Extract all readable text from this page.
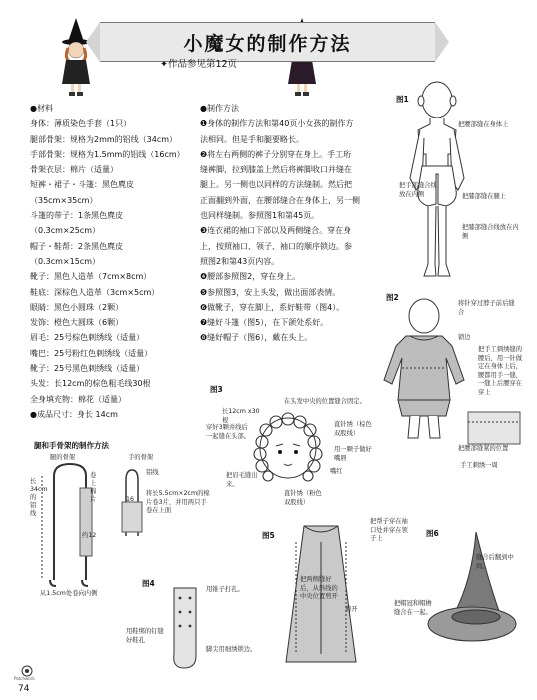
小魔女的制作方法
✦作品参见第12页
●材料
身体：薄质染色手套（1只）
腿部骨架：规格为2mm的铝线（34cm）
手部骨架：规格为1.5mm的铝线（16cm）
骨架衣层：棉片（适量）
短裤・裙子・斗篷：黑色麂皮
（35cm×35cm）
斗篷的带子：1条黑色麂皮
（0.3cm×25cm）
帽子・鞋帮：2条黑色麂皮
（0.3cm×15cm）
靴子：黑色人造革（7cm×8cm）
鞋底：深棕色人造革（3cm×5cm）
眼睛：黑色小圆珠（2颗）
发饰：橙色大圆珠（6颗）
眉毛：25号棕色刺绣线（适量）
嘴巴：25号粉红色刺绣线（适量）
靴子：25号黑色刺绣线（适量）
头发：长12cm的棕色粗毛线30根
全身填充物：棉花（适量）
●成品尺寸：身长 14cm
●制作方法
❶身体的制作方法和第40页小女孩的制作方
法相同。但是手和腿要略长。
❷将左右两侧的裤子分别穿在身上。手工珩
缝裤脚，拉到膝盖上然后将裤脚收口并缝在
腿上。另一侧也以同样的方法缝制。然后把
正面翻到外面，在腰部缝合在身体上，另一侧
也同样缝制。参照图1和第45页。
❸连衣裙的袖口下部以及两侧缝合。穿在身
上，按照袖口、领子、袖口的顺序锁边。参
照图2和第43页内容。
❹腰部参照图2，穿在身上。
❺参照图3，安上头发，做出面部表情。
❻做靴子，穿在脚上，系好鞋带（图4）。
❼缝好斗篷（图5），在下颌处系好。
❽缝好帽子（图6），戴在头上。
图1
把腰部缝在身体上
把手部缝合线放在内侧	把膝部缝在腿上
把膝部缝合线放在内侧
图2
将针穿过脖子前后缝合
锁边
把手工刺绣缝的腰后，用一针做定在身体上后，腰都用手一缝，一缝上后腰穿在穿上
把腰部缝紧的位置
手工刺绣一周
图3
在头发中央的位置缝合固定。
长12cm x30根
穿好3颗并线后一起缝在头部。
直针绣（棕色双股线）
用一颗子做好嘴唇
嘴红
把眉毛缝出来。
直针绣（粉色双股线）
腿和手骨架的制作方法
腿的骨架	手的骨架
长34cm的铝线
卷上棉片
约12
从1.5cm处卷向内侧
铝线
16
将长5.5cm×2cm的棉片卷3片，并用两只手卷在上面
图4
用锥子打孔。
用鞋绑的钉缝好鞋孔
脚尖用细绣锁边。
图5
把帮子穿在袖口处并穿在领子上
把两侧缝好后，从斜线的中央位置剪开
剪开
图6
缝合后翻到中间。
把帽冠和帽檐缝合在一起。
Patchwork
74
